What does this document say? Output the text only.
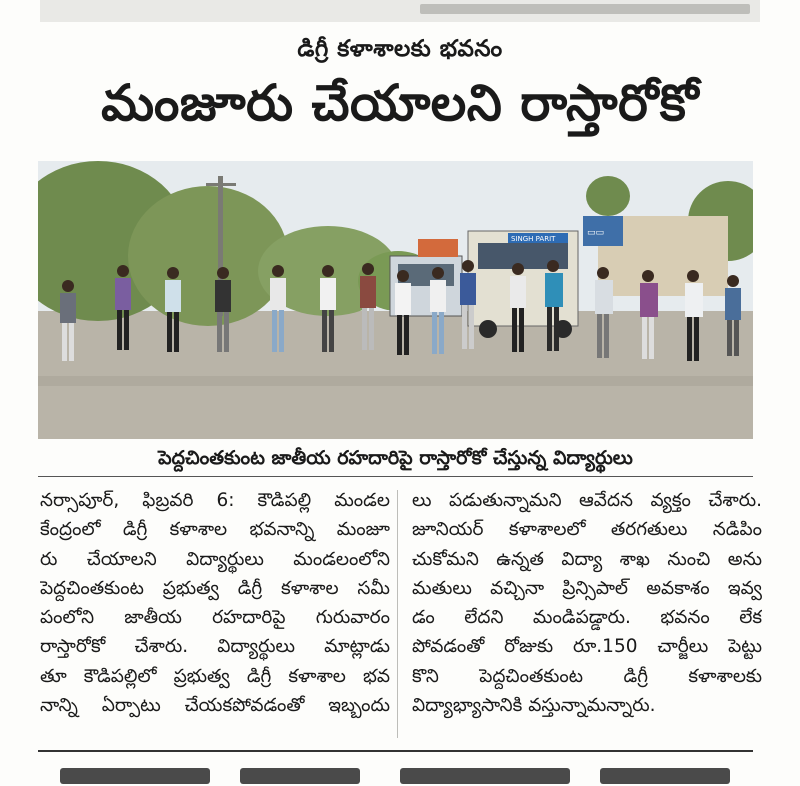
డిగ్రీ కళాశాలకు భవనం
మంజూరు చేయాలని రాస్తారోకో
▭▭
SINGH PARIT
పెద్దచింతకుంట జాతీయ రహదారిపై రాస్తారోకో చేస్తున్న విద్యార్థులు
నర్సాపూర్, ఫిబ్రవరి 6: కౌడిపల్లి మండల
కేంద్రంలో డిగ్రీ కళాశాల భవనాన్ని మంజూ
రు చేయాలని విద్యార్థులు మండలంలోని
పెద్దచింతకుంట ప్రభుత్వ డిగ్రీ కళాశాల సమీ
పంలోని జాతీయ రహదారిపై గురువారం
రాస్తారోకో చేశారు. విద్యార్థులు మాట్లాడు
తూ కౌడిపల్లిలో ప్రభుత్వ డిగ్రీ కళాశాల భవ
నాన్ని ఏర్పాటు చేయకపోవడంతో ఇబ్బందు
లు పడుతున్నామని ఆవేదన వ్యక్తం చేశారు.
జూనియర్ కళాశాలలో తరగతులు నడిపిం
చుకోమని ఉన్నత విద్యా శాఖ నుంచి అను
మతులు వచ్చినా ప్రిన్సిపాల్ అవకాశం ఇవ్వ
డం లేదని మండిపడ్డారు. భవనం లేక
పోవడంతో రోజుకు రూ.150 చార్జీలు పెట్టు
కొని పెద్దచింతకుంట డిగ్రీ కళాశాలకు
విద్యాభ్యాసానికి వస్తున్నామన్నారు.
